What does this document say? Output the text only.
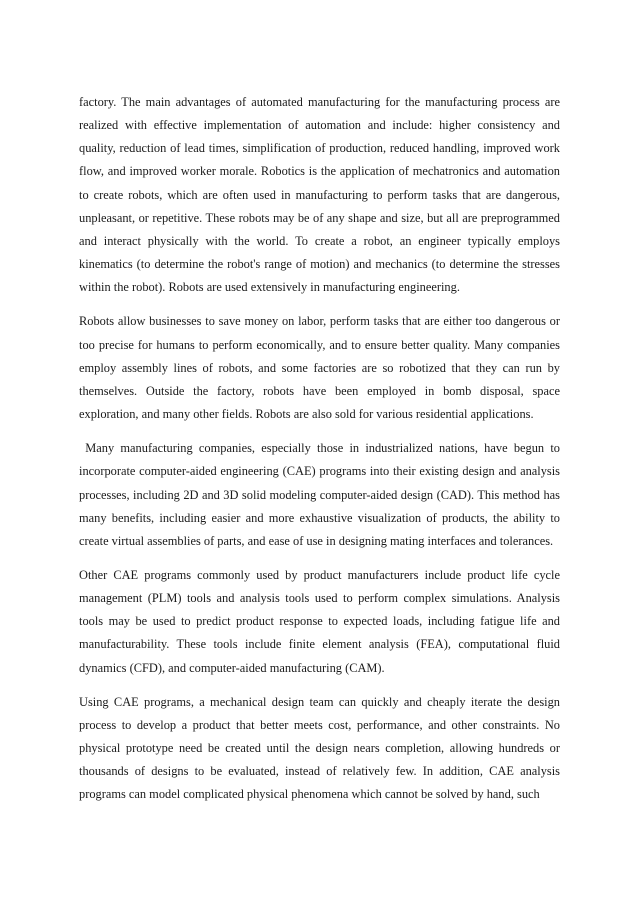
factory. The main advantages of automated manufacturing for the manufacturing process are realized with effective implementation of automation and include: higher consistency and quality, reduction of lead times, simplification of production, reduced handling, improved work flow, and improved worker morale. Robotics is the application of mechatronics and automation to create robots, which are often used in manufacturing to perform tasks that are dangerous, unpleasant, or repetitive. These robots may be of any shape and size, but all are preprogrammed and interact physically with the world. To create a robot, an engineer typically employs kinematics (to determine the robot's range of motion) and mechanics (to determine the stresses within the robot). Robots are used extensively in manufacturing engineering.

Robots allow businesses to save money on labor, perform tasks that are either too dangerous or too precise for humans to perform economically, and to ensure better quality. Many companies employ assembly lines of robots, and some factories are so robotized that they can run by themselves. Outside the factory, robots have been employed in bomb disposal, space exploration, and many other fields. Robots are also sold for various residential applications.

Many manufacturing companies, especially those in industrialized nations, have begun to incorporate computer-aided engineering (CAE) programs into their existing design and analysis processes, including 2D and 3D solid modeling computer-aided design (CAD). This method has many benefits, including easier and more exhaustive visualization of products, the ability to create virtual assemblies of parts, and ease of use in designing mating interfaces and tolerances.

Other CAE programs commonly used by product manufacturers include product life cycle management (PLM) tools and analysis tools used to perform complex simulations. Analysis tools may be used to predict product response to expected loads, including fatigue life and manufacturability. These tools include finite element analysis (FEA), computational fluid dynamics (CFD), and computer-aided manufacturing (CAM).

Using CAE programs, a mechanical design team can quickly and cheaply iterate the design process to develop a product that better meets cost, performance, and other constraints. No physical prototype need be created until the design nears completion, allowing hundreds or thousands of designs to be evaluated, instead of relatively few. In addition, CAE analysis programs can model complicated physical phenomena which cannot be solved by hand, such
